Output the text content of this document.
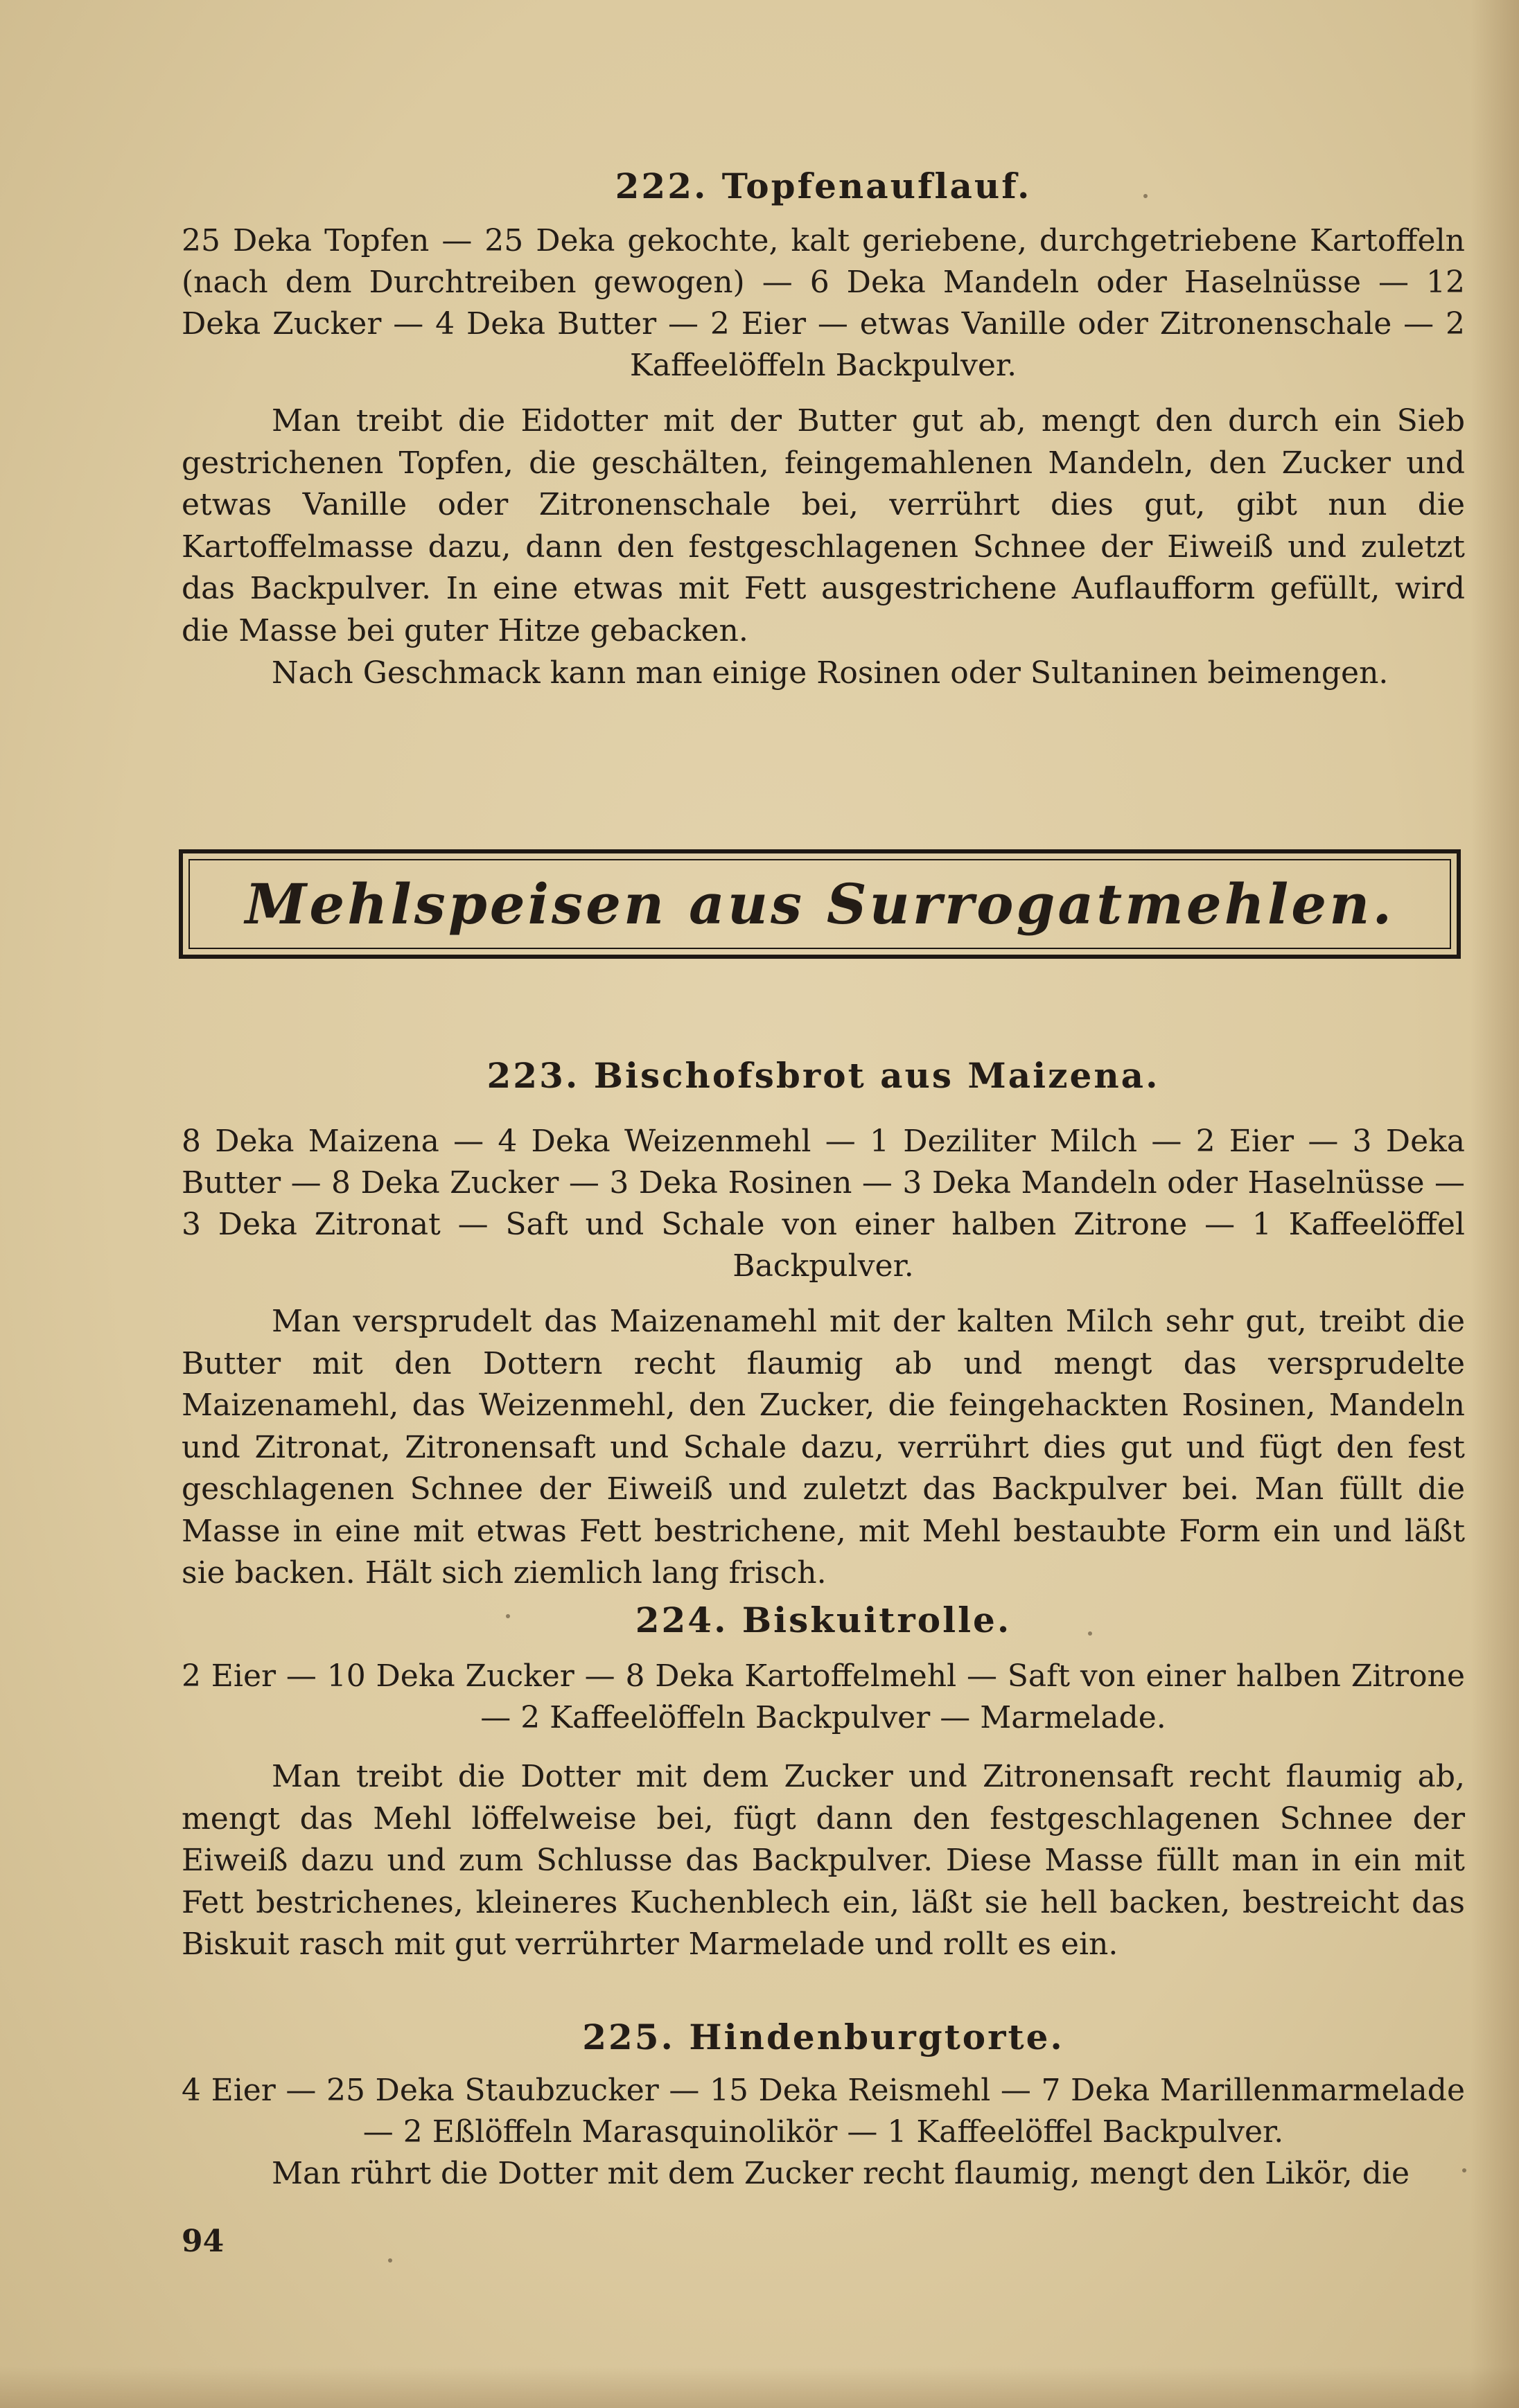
222. Topfenauflauf.

25 Deka Topfen — 25 Deka gekochte, kalt geriebene, durchgetriebene Kartoffeln (nach dem Durchtreiben gewogen) — 6 Deka Mandeln oder Haselnüsse — 12 Deka Zucker — 4 Deka Butter — 2 Eier — etwas Vanille oder Zitronenschale — 2 Kaffeelöffeln Backpulver.

Man treibt die Eidotter mit der Butter gut ab, mengt den durch ein Sieb gestrichenen Topfen, die geschälten, feingemahlenen Mandeln, den Zucker und etwas Vanille oder Zitronenschale bei, verrührt dies gut, gibt nun die Kartoffelmasse dazu, dann den festgeschlagenen Schnee der Eiweiß und zuletzt das Backpulver. In eine etwas mit Fett ausgestrichene Auflaufform gefüllt, wird die Masse bei guter Hitze gebacken.

Nach Geschmack kann man einige Rosinen oder Sultaninen beimengen.

Mehlspeisen aus Surrogatmehlen.
223. Bischofsbrot aus Maizena.

8 Deka Maizena — 4 Deka Weizenmehl — 1 Deziliter Milch — 2 Eier — 3 Deka Butter — 8 Deka Zucker — 3 Deka Rosinen — 3 Deka Mandeln oder Haselnüsse — 3 Deka Zitronat — Saft und Schale von einer halben Zitrone — 1 Kaffeelöffel Backpulver.

Man versprudelt das Maizenamehl mit der kalten Milch sehr gut, treibt die Butter mit den Dottern recht flaumig ab und mengt das versprudelte Maizenamehl, das Weizenmehl, den Zucker, die feingehackten Rosinen, Mandeln und Zitronat, Zitronensaft und Schale dazu, verrührt dies gut und fügt den fest geschlagenen Schnee der Eiweiß und zuletzt das Backpulver bei. Man füllt die Masse in eine mit etwas Fett bestrichene, mit Mehl bestaubte Form ein und läßt sie backen. Hält sich ziemlich lang frisch.

224. Biskuitrolle.

2 Eier — 10 Deka Zucker — 8 Deka Kartoffelmehl — Saft von einer halben Zitrone — 2 Kaffeelöffeln Backpulver — Marmelade.

Man treibt die Dotter mit dem Zucker und Zitronensaft recht flaumig ab, mengt das Mehl löffelweise bei, fügt dann den festgeschlagenen Schnee der Eiweiß dazu und zum Schlusse das Backpulver. Diese Masse füllt man in ein mit Fett bestrichenes, kleineres Kuchenblech ein, läßt sie hell backen, bestreicht das Biskuit rasch mit gut verrührter Marmelade und rollt es ein.

225. Hindenburgtorte.

4 Eier — 25 Deka Staubzucker — 15 Deka Reismehl — 7 Deka Marillenmarmelade — 2 Eßlöffeln Marasquinolikör — 1 Kaffeelöffel Backpulver.

Man rührt die Dotter mit dem Zucker recht flaumig, mengt den Likör, die

94
